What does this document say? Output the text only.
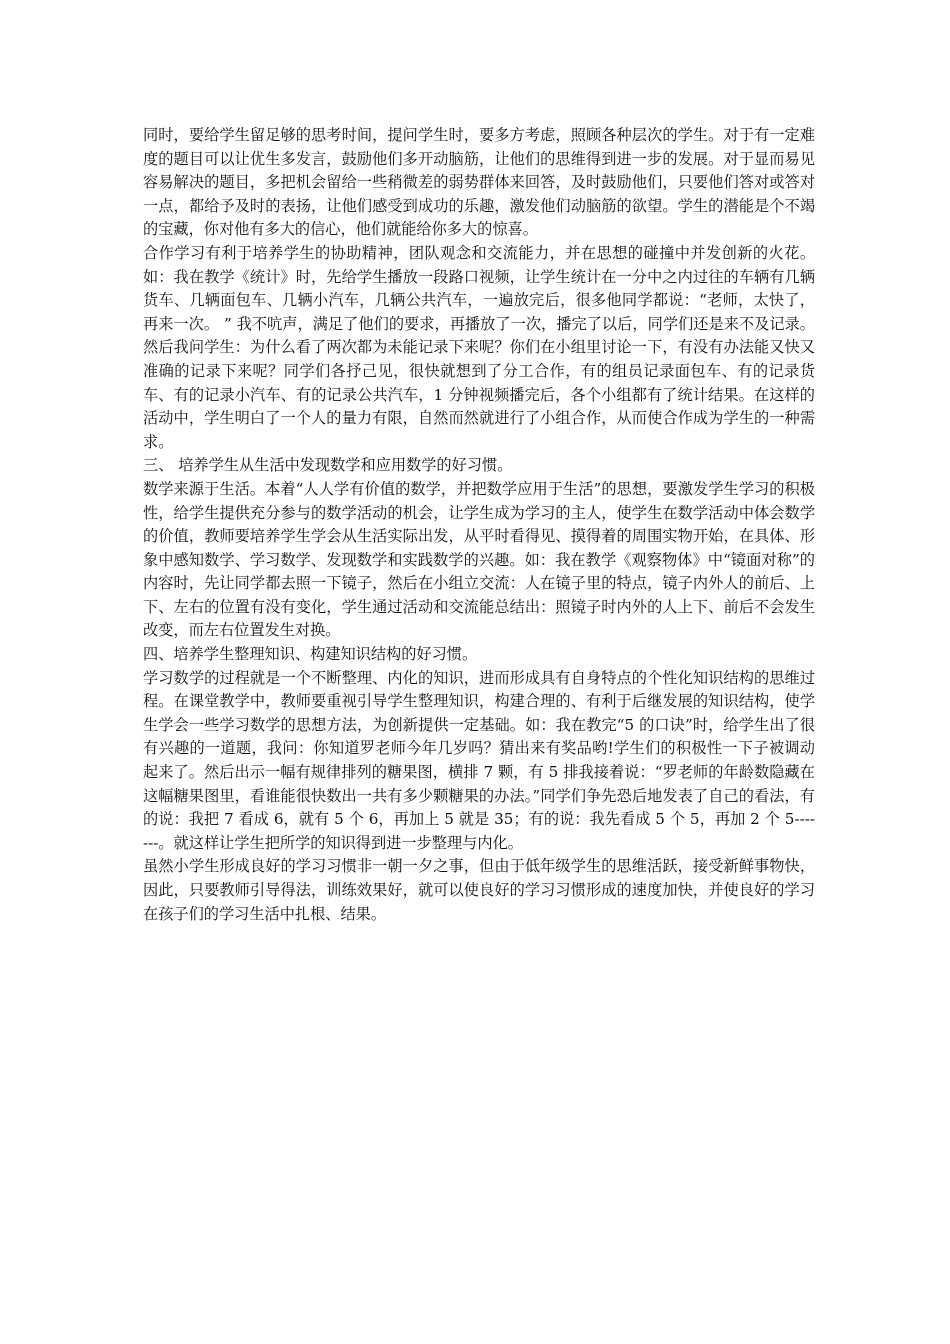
同时，要给学生留足够的思考时间，提问学生时，要多方考虑，照顾各种层次的学生。对于有一定难度的题目可以让优生多发言，鼓励他们多开动脑筋，让他们的思维得到进一步的发展。对于显而易见容易解决的题目，多把机会留给一些稍微差的弱势群体来回答，及时鼓励他们，只要他们答对或答对一点，都给予及时的表扬，让他们感受到成功的乐趣，激发他们动脑筋的欲望。学生的潜能是个不竭的宝藏，你对他有多大的信心，他们就能给你多大的惊喜。

合作学习有利于培养学生的协助精神，团队观念和交流能力，并在思想的碰撞中并发创新的火花。如：我在教学《统计》时，先给学生播放一段路口视频，让学生统计在一分中之内过往的车辆有几辆货车、几辆面包车、几辆小汽车，几辆公共汽车，一遍放完后，很多他同学都说：“老师，太快了，再来一次。 ” 我不吭声，满足了他们的要求，再播放了一次，播完了以后，同学们还是来不及记录。然后我问学生：为什么看了两次都为未能记录下来呢？你们在小组里讨论一下，有没有办法能又快又准确的记录下来呢？同学们各抒己见，很快就想到了分工合作，有的组员记录面包车、有的记录货车、有的记录小汽车、有的记录公共汽车，1 分钟视频播完后，各个小组都有了统计结果。在这样的活动中，学生明白了一个人的量力有限，自然而然就进行了小组合作，从而使合作成为学生的一种需求。

三、 培养学生从生活中发现数学和应用数学的好习惯。

数学来源于生活。本着“人人学有价值的数学，并把数学应用于生活”的思想，要激发学生学习的积极性，给学生提供充分参与的数学活动的机会，让学生成为学习的主人，使学生在数学活动中体会数学的价值，教师要培养学生学会从生活实际出发，从平时看得见、摸得着的周围实物开始，在具体、形象中感知数学、学习数学、发现数学和实践数学的兴趣。如：我在教学《观察物体》中“镜面对称”的内容时，先让同学都去照一下镜子，然后在小组立交流：人在镜子里的特点，镜子内外人的前后、上下、左右的位置有没有变化，学生通过活动和交流能总结出：照镜子时内外的人上下、前后不会发生改变，而左右位置发生对换。

四、培养学生整理知识、构建知识结构的好习惯。

学习数学的过程就是一个不断整理、内化的知识，进而形成具有自身特点的个性化知识结构的思维过程。在课堂教学中，教师要重视引导学生整理知识，构建合理的、有利于后继发展的知识结构，使学生学会一些学习数学的思想方法，为创新提供一定基础。如：我在教完“5 的口诀”时，给学生出了很有兴趣的一道题，我问：你知道罗老师今年几岁吗？猜出来有奖品哟!学生们的积极性一下子被调动起来了。然后出示一幅有规律排列的糖果图，横排 7 颗，有 5 排我接着说：“罗老师的年龄数隐藏在这幅糖果图里，看谁能很快数出一共有多少颗糖果的办法。”同学们争先恐后地发表了自己的看法，有的说：我把 7 看成 6，就有 5 个 6，再加上 5 就是 35；有的说：我先看成 5 个 5，再加 2 个 5-------。就这样让学生把所学的知识得到进一步整理与内化。

虽然小学生形成良好的学习习惯非一朝一夕之事，但由于低年级学生的思维活跃，接受新鲜事物快，因此，只要教师引导得法，训练效果好，就可以使良好的学习习惯形成的速度加快，并使良好的学习在孩子们的学习生活中扎根、结果。
